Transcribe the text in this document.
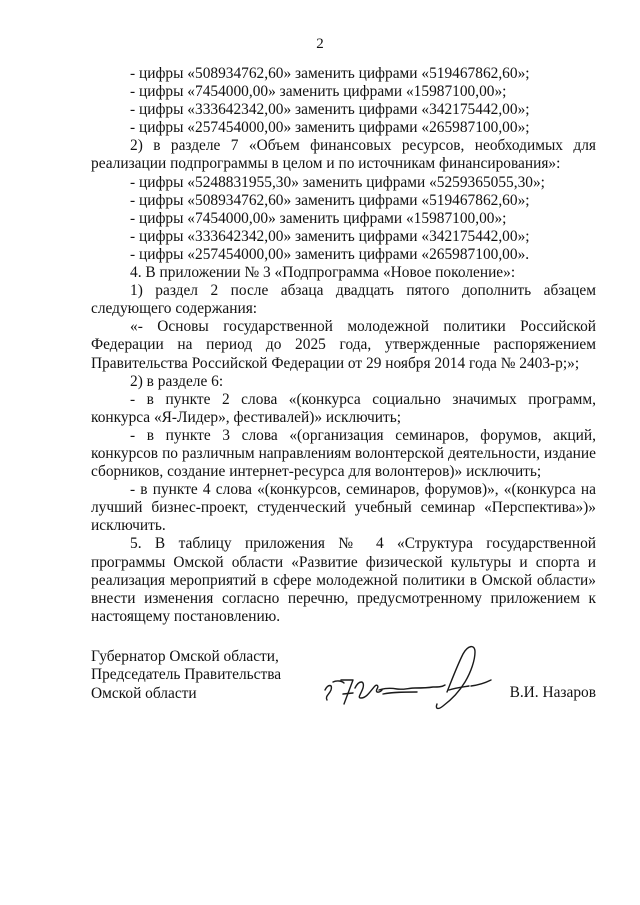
2

- цифры «508934762,60» заменить цифрами «519467862,60»;

- цифры «7454000,00» заменить цифрами «15987100,00»;

- цифры «333642342,00» заменить цифрами «342175442,00»;

- цифры «257454000,00» заменить цифрами «265987100,00»;

2) в разделе 7 «Объем финансовых ресурсов, необходимых для реализации подпрограммы в целом и по источникам финансирования»:

- цифры «5248831955,30» заменить цифрами «5259365055,30»;

- цифры «508934762,60» заменить цифрами «519467862,60»;

- цифры «7454000,00» заменить цифрами «15987100,00»;

- цифры «333642342,00» заменить цифрами «342175442,00»;

- цифры «257454000,00» заменить цифрами «265987100,00».

4. В приложении № 3 «Подпрограмма «Новое поколение»:

1) раздел 2 после абзаца двадцать пятого дополнить абзацем следующего содержания:

«- Основы государственной молодежной политики Российской Федерации на период до 2025 года, утвержденные распоряжением Правительства Российской Федерации от 29 ноября 2014 года № 2403-р;»;

2) в разделе 6:

- в пункте 2 слова «(конкурса социально значимых программ, конкурса «Я-Лидер», фестивалей)» исключить;

- в пункте 3 слова «(организация семинаров, форумов, акций, конкурсов по различным направлениям волонтерской деятельности, издание сборников, создание интернет-ресурса для волонтеров)» исключить;

- в пункте 4 слова «(конкурсов, семинаров, форумов)», «(конкурса на лучший бизнес-проект, студенческий учебный семинар «Перспектива»)» исключить.

5. В таблицу приложения № 4 «Структура государственной программы Омской области «Развитие физической культуры и спорта и реализация мероприятий в сфере молодежной политики в Омской области» внести изменения согласно перечню, предусмотренному приложением к настоящему постановлению.

Губернатор Омской области,
Председатель Правительства
Омской области	В.И. Назаров
